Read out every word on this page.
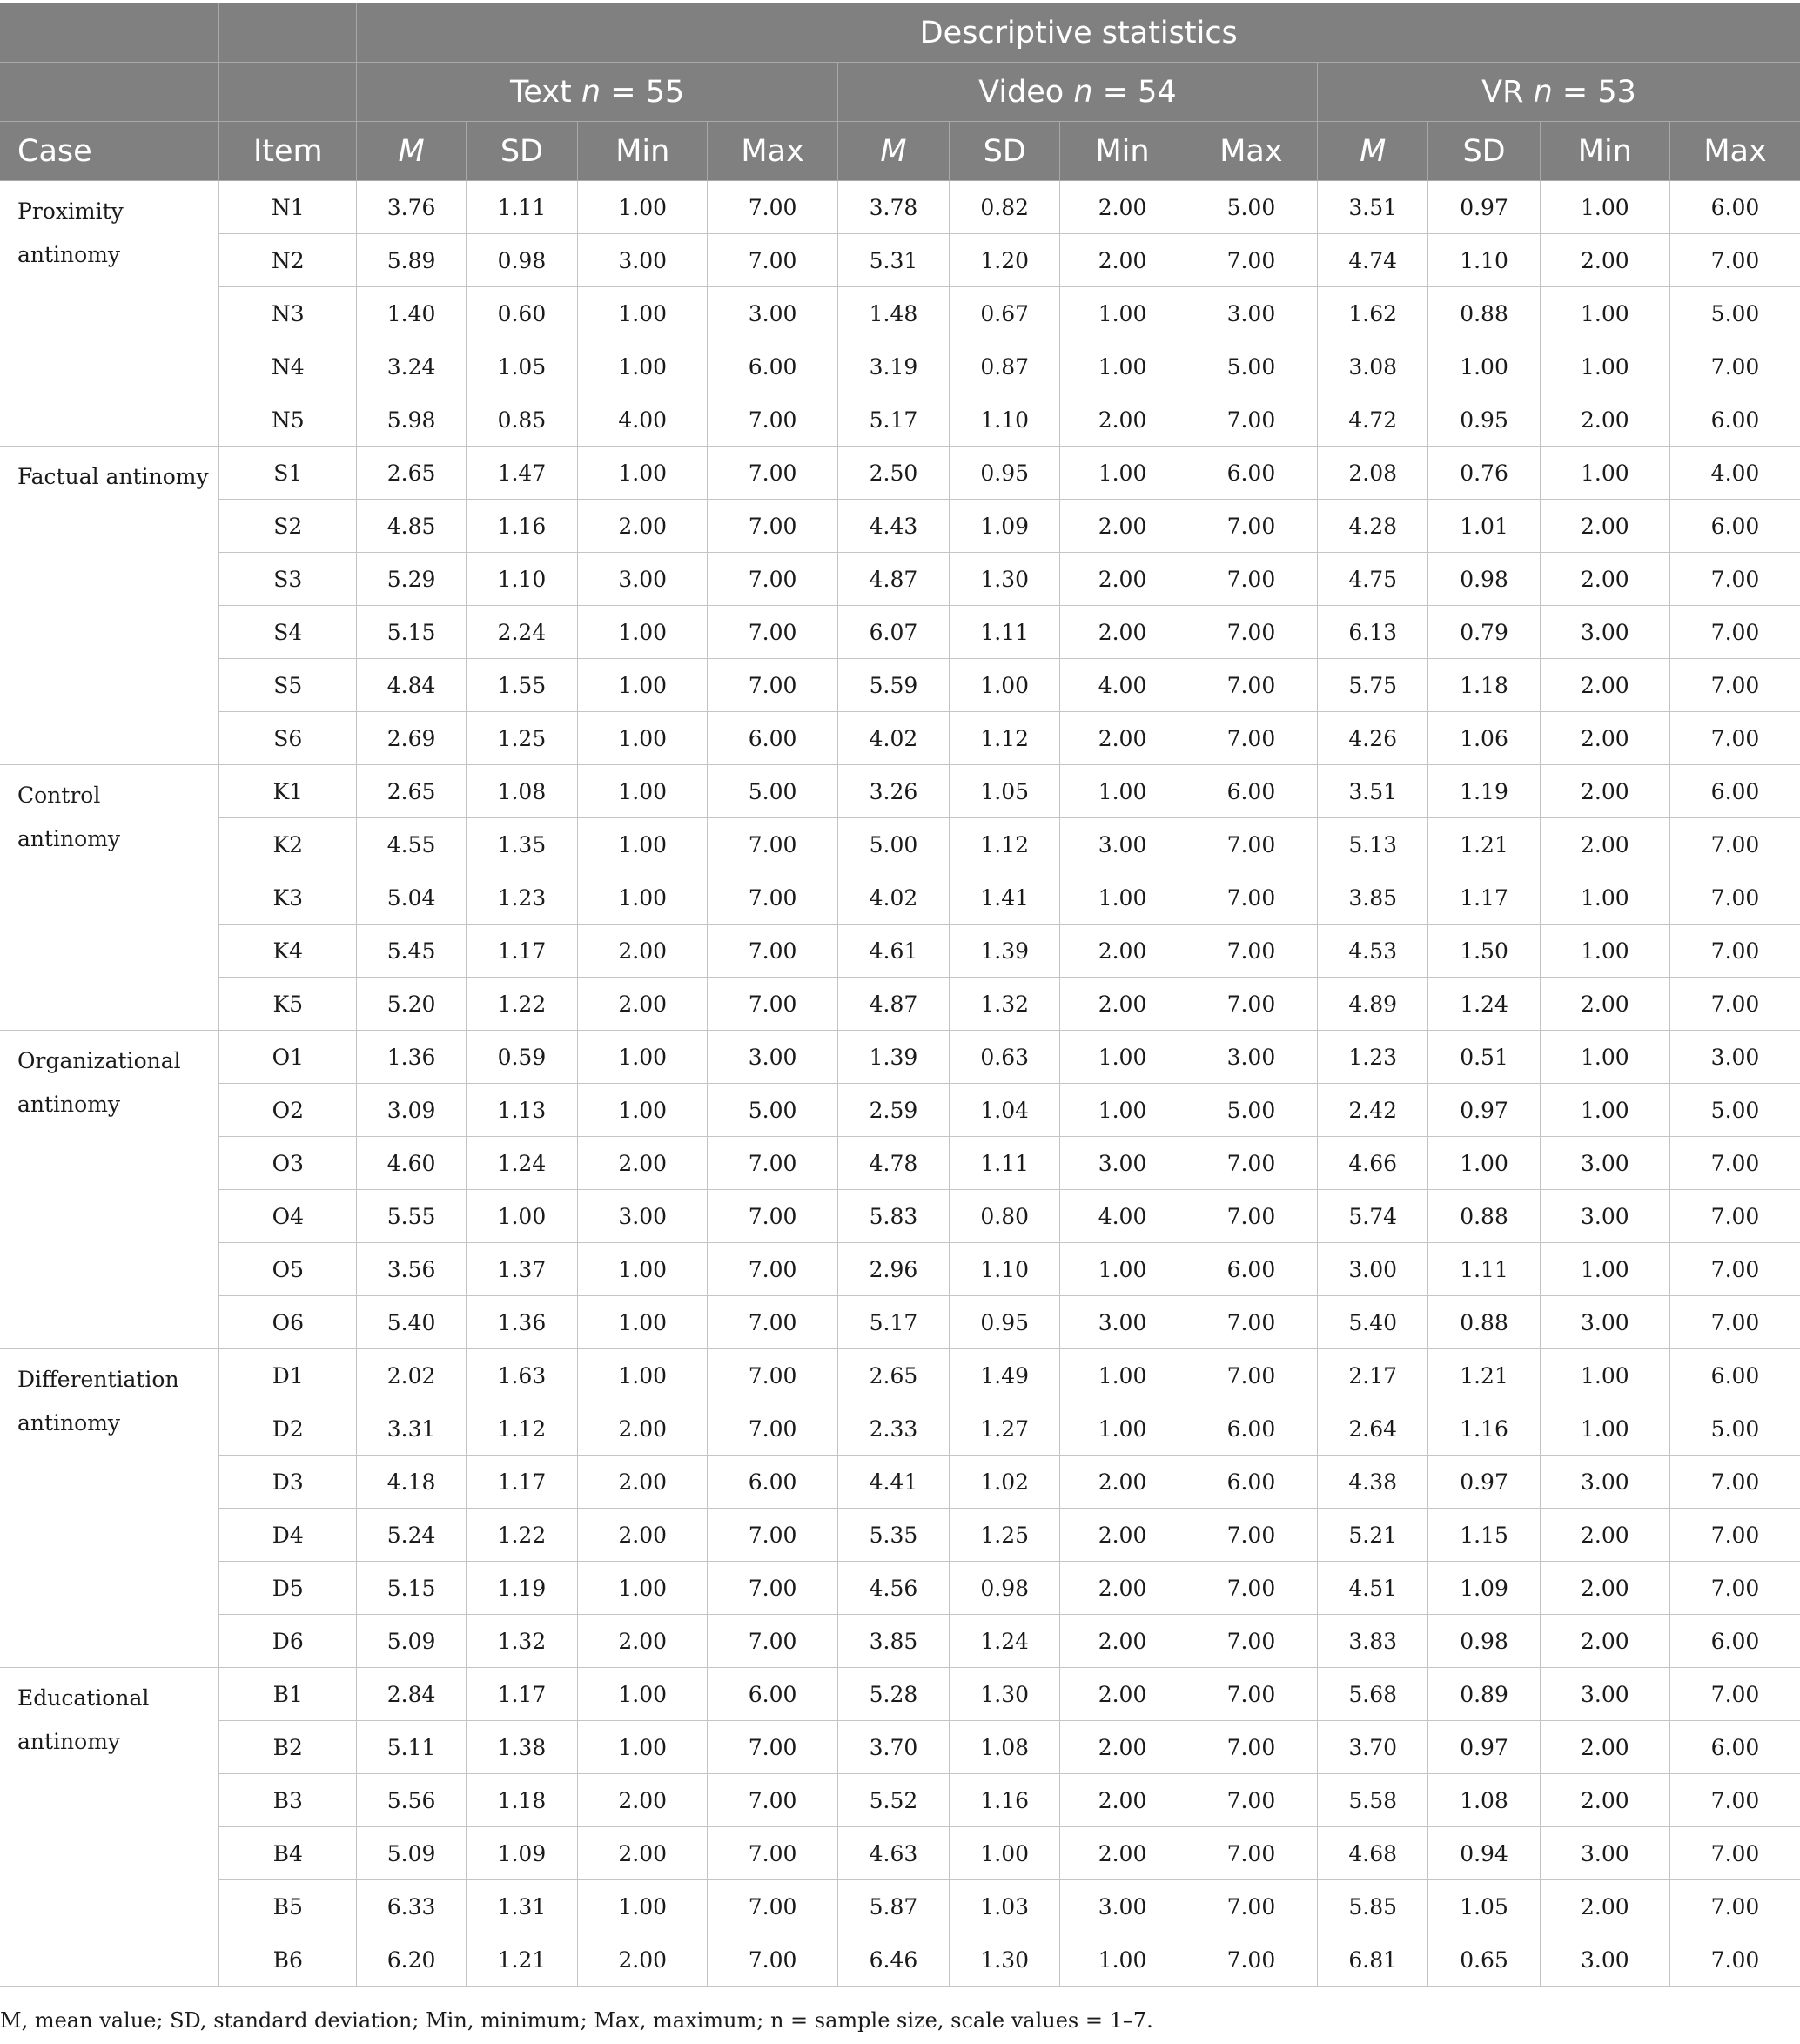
		Descriptive statistics											
		Text n = 55				Video n = 54				VR n = 53			
Case	Item	M	SD	Min	Max	M	SD	Min	Max	M	SD	Min	Max
Proximity antinomy	N1	3.76	1.11	1.00	7.00	3.78	0.82	2.00	5.00	3.51	0.97	1.00	6.00
	N2	5.89	0.98	3.00	7.00	5.31	1.20	2.00	7.00	4.74	1.10	2.00	7.00
	N3	1.40	0.60	1.00	3.00	1.48	0.67	1.00	3.00	1.62	0.88	1.00	5.00
	N4	3.24	1.05	1.00	6.00	3.19	0.87	1.00	5.00	3.08	1.00	1.00	7.00
	N5	5.98	0.85	4.00	7.00	5.17	1.10	2.00	7.00	4.72	0.95	2.00	6.00
Factual antinomy	S1	2.65	1.47	1.00	7.00	2.50	0.95	1.00	6.00	2.08	0.76	1.00	4.00
	S2	4.85	1.16	2.00	7.00	4.43	1.09	2.00	7.00	4.28	1.01	2.00	6.00
	S3	5.29	1.10	3.00	7.00	4.87	1.30	2.00	7.00	4.75	0.98	2.00	7.00
	S4	5.15	2.24	1.00	7.00	6.07	1.11	2.00	7.00	6.13	0.79	3.00	7.00
	S5	4.84	1.55	1.00	7.00	5.59	1.00	4.00	7.00	5.75	1.18	2.00	7.00
	S6	2.69	1.25	1.00	6.00	4.02	1.12	2.00	7.00	4.26	1.06	2.00	7.00
Control antinomy	K1	2.65	1.08	1.00	5.00	3.26	1.05	1.00	6.00	3.51	1.19	2.00	6.00
	K2	4.55	1.35	1.00	7.00	5.00	1.12	3.00	7.00	5.13	1.21	2.00	7.00
	K3	5.04	1.23	1.00	7.00	4.02	1.41	1.00	7.00	3.85	1.17	1.00	7.00
	K4	5.45	1.17	2.00	7.00	4.61	1.39	2.00	7.00	4.53	1.50	1.00	7.00
	K5	5.20	1.22	2.00	7.00	4.87	1.32	2.00	7.00	4.89	1.24	2.00	7.00
Organizational antinomy	O1	1.36	0.59	1.00	3.00	1.39	0.63	1.00	3.00	1.23	0.51	1.00	3.00
	O2	3.09	1.13	1.00	5.00	2.59	1.04	1.00	5.00	2.42	0.97	1.00	5.00
	O3	4.60	1.24	2.00	7.00	4.78	1.11	3.00	7.00	4.66	1.00	3.00	7.00
	O4	5.55	1.00	3.00	7.00	5.83	0.80	4.00	7.00	5.74	0.88	3.00	7.00
	O5	3.56	1.37	1.00	7.00	2.96	1.10	1.00	6.00	3.00	1.11	1.00	7.00
	O6	5.40	1.36	1.00	7.00	5.17	0.95	3.00	7.00	5.40	0.88	3.00	7.00
Differentiation antinomy	D1	2.02	1.63	1.00	7.00	2.65	1.49	1.00	7.00	2.17	1.21	1.00	6.00
	D2	3.31	1.12	2.00	7.00	2.33	1.27	1.00	6.00	2.64	1.16	1.00	5.00
	D3	4.18	1.17	2.00	6.00	4.41	1.02	2.00	6.00	4.38	0.97	3.00	7.00
	D4	5.24	1.22	2.00	7.00	5.35	1.25	2.00	7.00	5.21	1.15	2.00	7.00
	D5	5.15	1.19	1.00	7.00	4.56	0.98	2.00	7.00	4.51	1.09	2.00	7.00
	D6	5.09	1.32	2.00	7.00	3.85	1.24	2.00	7.00	3.83	0.98	2.00	6.00
Educational antinomy	B1	2.84	1.17	1.00	6.00	5.28	1.30	2.00	7.00	5.68	0.89	3.00	7.00
	B2	5.11	1.38	1.00	7.00	3.70	1.08	2.00	7.00	3.70	0.97	2.00	6.00
	B3	5.56	1.18	2.00	7.00	5.52	1.16	2.00	7.00	5.58	1.08	2.00	7.00
	B4	5.09	1.09	2.00	7.00	4.63	1.00	2.00	7.00	4.68	0.94	3.00	7.00
	B5	6.33	1.31	1.00	7.00	5.87	1.03	3.00	7.00	5.85	1.05	2.00	7.00
	B6	6.20	1.21	2.00	7.00	6.46	1.30	1.00	7.00	6.81	0.65	3.00	7.00
M, mean value; SD, standard deviation; Min, minimum; Max, maximum; n = sample size, scale values = 1–7.
